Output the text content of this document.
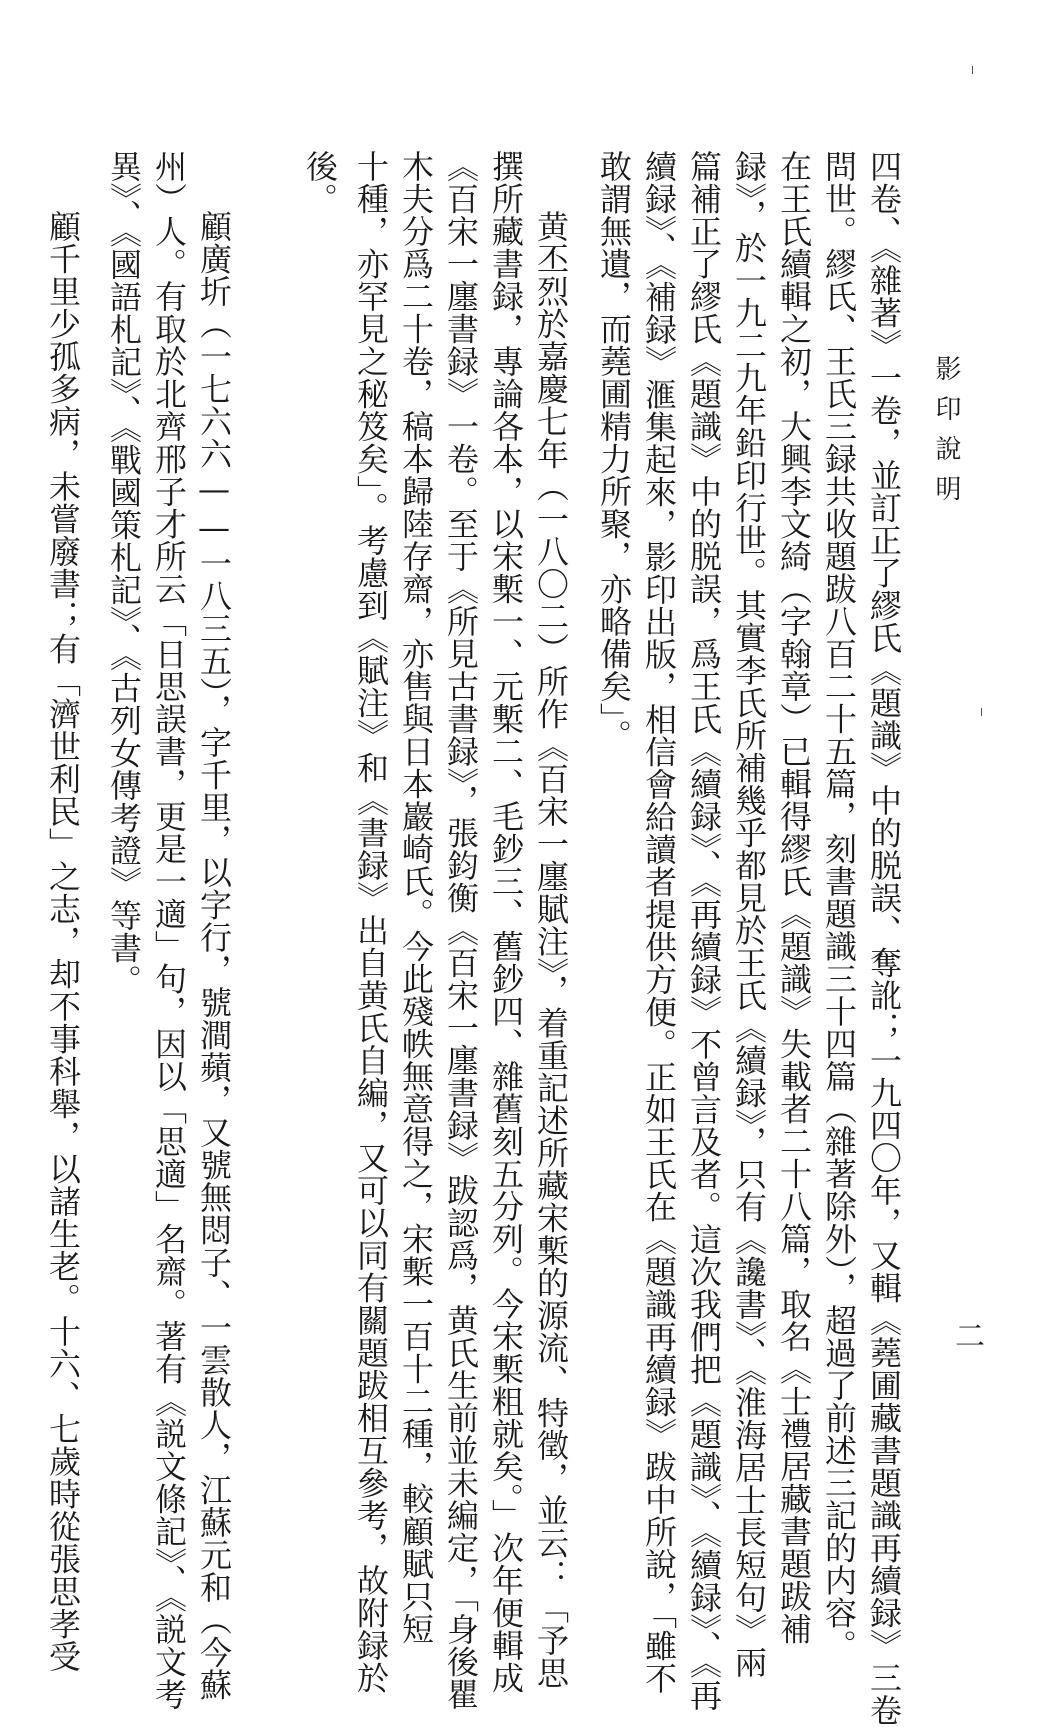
影印說明
二
四卷、《雜著》一卷，並訂正了繆氏《題識》中的脱誤、奪訛；一九四〇年，又輯《蕘圃藏書題識再續録》三卷
問世。繆氏、王氏三録共收題跋八百二十五篇，刻書題識三十四篇（雜著除外），超過了前述三記的内容。
在王氏續輯之初，大興李文綺（字翰章）已輯得繆氏《題識》失載者二十八篇，取名《士禮居藏書題跋補
録》，於一九二九年鉛印行世。其實李氏所補幾乎都見於王氏《續録》，只有《讒書》、《淮海居士長短句》兩
篇補正了繆氏《題識》中的脱誤，爲王氏《續録》、《再續録》不曾言及者。這次我們把《題識》、《續録》、《再
續録》、《補録》滙集起來，影印出版，相信會給讀者提供方便。正如王氏在《題識再續録》跋中所說，「雖不
敢謂無遺，而蕘圃精力所聚，亦略備矣」。
黄丕烈於嘉慶七年（一八〇二）所作《百宋一廛賦注》，着重記述所藏宋槧的源流、特徵，並云：「予思
撰所藏書録，專論各本，以宋槧一、元槧二、毛鈔三、舊鈔四、雜舊刻五分列。今宋槧粗就矣。」次年便輯成
《百宋一廛書録》一卷。至于《所見古書録》，張鈞衡《百宋一廛書録》跋認爲，黄氏生前並未編定，「身後瞿
木夫分爲二十卷，稿本歸陸存齋，亦售與日本巖崎氏。今此殘帙無意得之，宋槧一百十二種，較顧賦只短
十種，亦罕見之秘笈矣」。考慮到《賦注》和《書録》出自黄氏自編，又可以同有關題跋相互參考，故附録於
後。
顧廣圻（一七六六——一八三五），字千里，以字行，號澗蘋，又號無悶子、一雲散人，江蘇元和（今蘇
州）人。有取於北齊邢子才所云「日思誤書，更是一適」句，因以「思適」名齋。著有《説文條記》、《説文考
異》、《國語札記》、《戰國策札記》、《古列女傳考證》等書。
顧千里少孤多病，未嘗廢書；有「濟世利民」之志，却不事科舉，以諸生老。十六、七歲時從張思孝受
